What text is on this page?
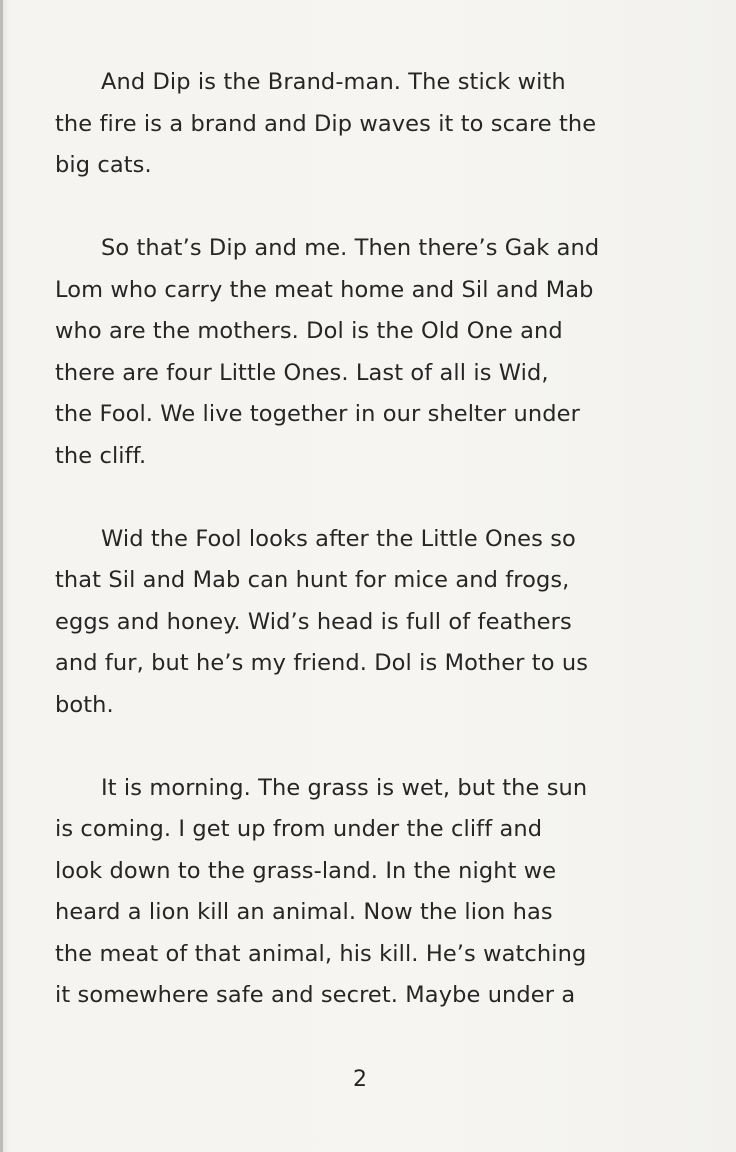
And Dip is the Brand-man. The stick with
the fire is a brand and Dip waves it to scare the
big cats.

So that’s Dip and me. Then there’s Gak and
Lom who carry the meat home and Sil and Mab
who are the mothers. Dol is the Old One and
there are four Little Ones. Last of all is Wid,
the Fool. We live together in our shelter under
the cliff.

Wid the Fool looks after the Little Ones so
that Sil and Mab can hunt for mice and frogs,
eggs and honey. Wid’s head is full of feathers
and fur, but he’s my friend. Dol is Mother to us
both.

It is morning. The grass is wet, but the sun
is coming. I get up from under the cliff and
look down to the grass-land. In the night we
heard a lion kill an animal. Now the lion has
the meat of that animal, his kill. He’s watching
it somewhere safe and secret. Maybe under a

2
